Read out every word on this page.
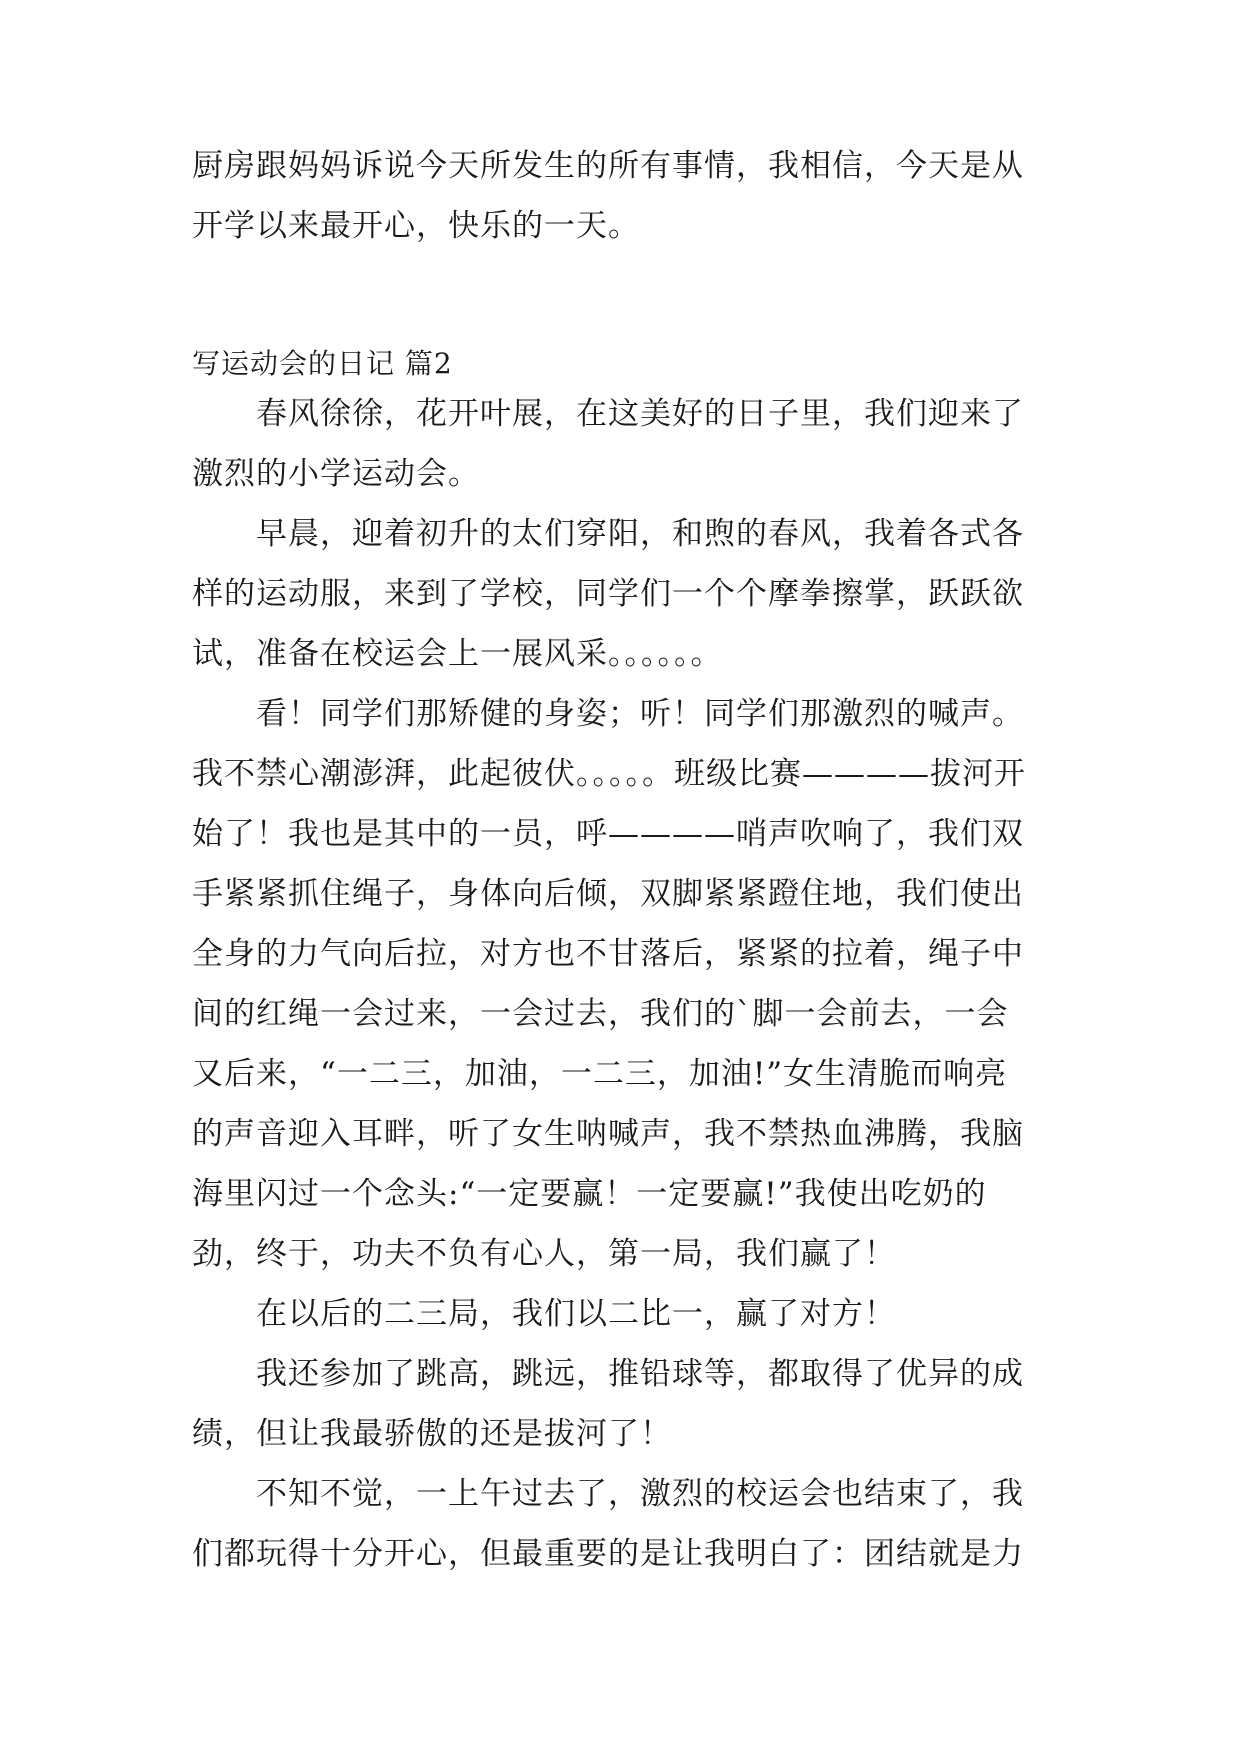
厨房跟妈妈诉说今天所发生的所有事情，我相信，今天是从
开学以来最开心，快乐的一天。
写运动会的日记 篇2
春风徐徐，花开叶展，在这美好的日子里，我们迎来了
激烈的小学运动会。
早晨，迎着初升的太们穿阳，和煦的春风，我着各式各
样的运动服，来到了学校，同学们一个个摩拳擦掌，跃跃欲
试，准备在校运会上一展风采。。。。。。
看！同学们那矫健的身姿；听！同学们那激烈的喊声。
我不禁心潮澎湃，此起彼伏。。。。。班级比赛————拔河开
始了！我也是其中的一员，呼————哨声吹响了，我们双
手紧紧抓住绳子，身体向后倾，双脚紧紧蹬住地，我们使出
全身的力气向后拉，对方也不甘落后，紧紧的拉着，绳子中
间的红绳一会过来，一会过去，我们的`脚一会前去，一会
又后来，“一二三，加油，一二三，加油!”女生清脆而响亮
的声音迎入耳畔，听了女生呐喊声，我不禁热血沸腾，我脑
海里闪过一个念头:“一定要赢！一定要赢!”我使出吃奶的
劲，终于，功夫不负有心人，第一局，我们赢了！
在以后的二三局，我们以二比一，赢了对方！
我还参加了跳高，跳远，推铅球等，都取得了优异的成
绩，但让我最骄傲的还是拔河了！
不知不觉，一上午过去了，激烈的校运会也结束了，我
们都玩得十分开心，但最重要的是让我明白了：团结就是力
